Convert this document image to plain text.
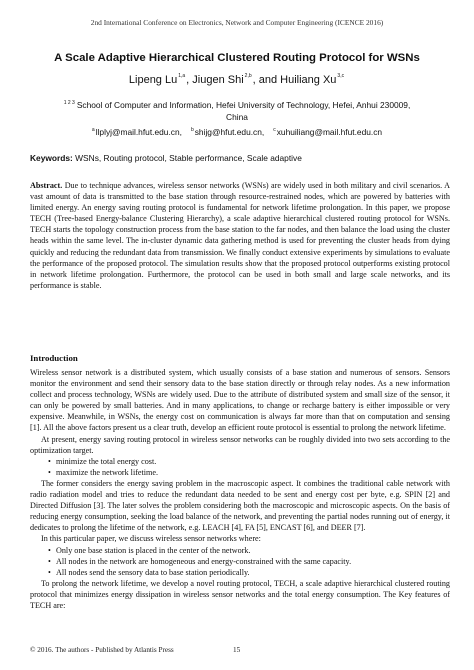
2nd International Conference on Electronics, Network and Computer Engineering (ICENCE 2016)
A Scale Adaptive Hierarchical Clustered Routing Protocol for WSNs
Lipeng Lu$^{1,a}$, Jiugen Shi$^{2,b}$, and Huiliang Xu$^{3,c}$
$^{1 2 3}$ School of Computer and Information, Hefei University of Technology, Hefei, Anhui 230009,
China
$^a$llplyj@mail.hfut.edu.cn, $^b$shijg@hfut.edu.cn, $^c$xuhuiliang@mail.hfut.edu.cn
Keywords: WSNs, Routing protocol, Stable performance, Scale adaptive
Abstract. Due to technique advances, wireless sensor networks (WSNs) are widely used in both military and civil scenarios. A vast amount of data is transmitted to the base station through resource-restrained nodes, which are powered by batteries with limited energy. An energy saving routing protocol is fundamental for network lifetime prolongation. In this paper, we propose TECH (Tree-based Energy-balance Clustering Hierarchy), a scale adaptive hierarchical clustered routing protocol for WSNs. TECH starts the topology construction process from the base station to the far nodes, and then balance the load using the cluster heads within the same level. The in-cluster dynamic data gathering method is used for preventing the cluster heads from dying quickly and reducing the redundant data from transmission. We finally conduct extensive experiments by simulations to evaluate the performance of the proposed protocol. The simulation results show that the proposed protocol outperforms existing protocol in network lifetime prolongation. Furthermore, the protocol can be used in both small and large scale networks, and its performance is stable.
Introduction

Wireless sensor network is a distributed system, which usually consists of a base station and numerous of sensors. Sensors monitor the environment and send their sensory data to the base station directly or through relay nodes. As a new information collect and process technology, WSNs are widely used. Due to the attribute of distributed system and small size of the sensor, it can only be powered by small batteries. And in many applications, to change or recharge battery is either impossible or very expensive. Meanwhile, in WSNs, the energy cost on communication is always far more than that on computation and sensing [1]. All the above factors present us a clear truth, develop an efficient route protocol is essential to prolong the network lifetime.

At present, energy saving routing protocol in wireless sensor networks can be roughly divided into two sets according to the optimization target.

• minimize the total energy cost.

• maximize the network lifetime.

The former considers the energy saving problem in the macroscopic aspect. It combines the traditional cable network with radio radiation model and tries to reduce the redundant data needed to be sent and energy cost per byte, e.g. SPIN [2] and Directed Diffusion [3]. The later solves the problem considering both the macroscopic and microscopic aspects. On the basis of reducing energy consumption, seeking the load balance of the network, and preventing the partial nodes running out of energy, it dedicates to prolong the lifetime of the network, e.g. LEACH [4], FA [5], ENCAST [6], and DEER [7].

In this particular paper, we discuss wireless sensor networks where:

• Only one base station is placed in the center of the network.

• All nodes in the network are homogeneous and energy-constrained with the same capacity.

• All nodes send the sensory data to base station periodically.

To prolong the network lifetime, we develop a novel routing protocol, TECH, a scale adaptive hierarchical clustered routing protocol that minimizes energy dissipation in wireless sensor networks and the total energy consumption. The Key features of TECH are:

© 2016. The authors - Published by Atlantis Press	15
